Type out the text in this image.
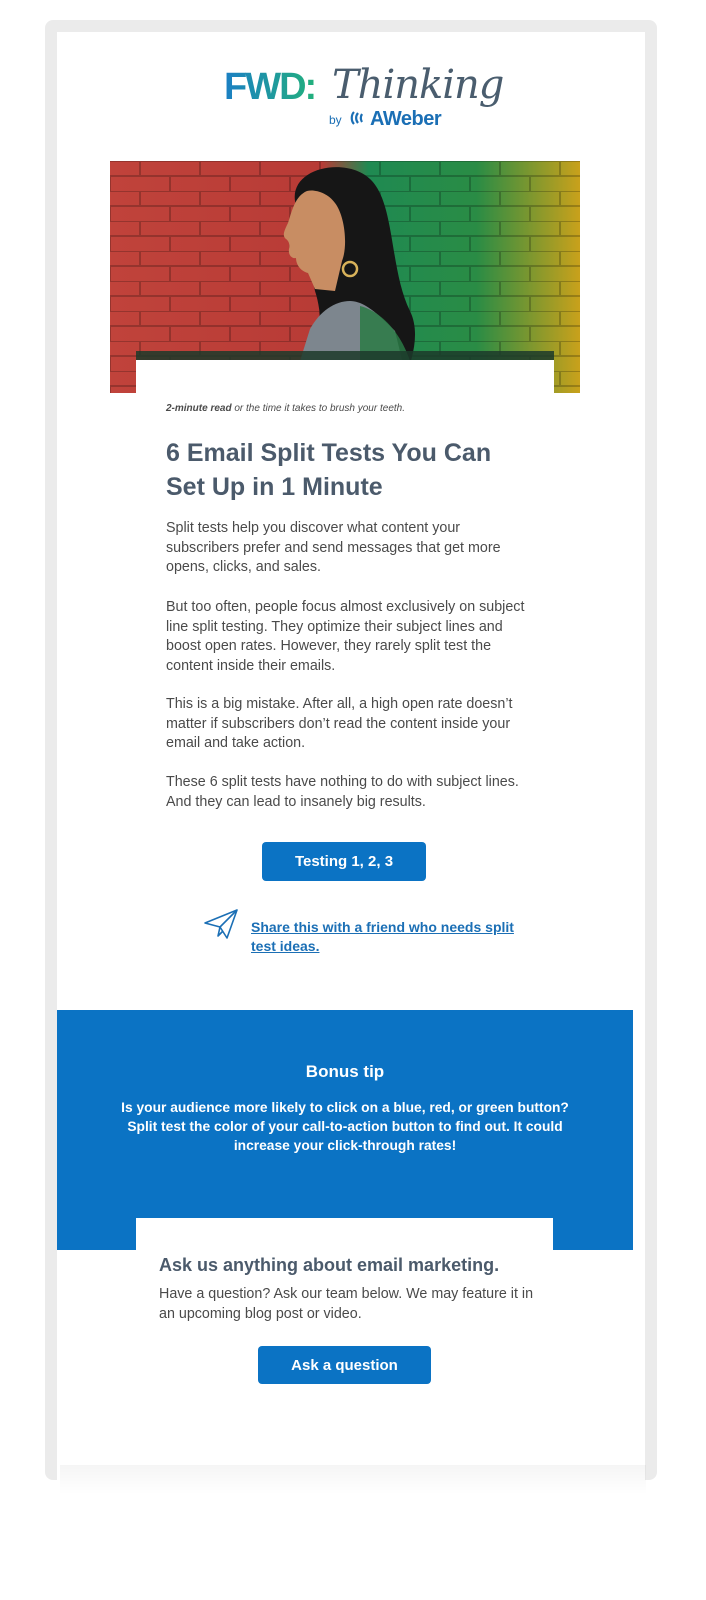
FWD: Thinking
by AWeber
2-minute read or the time it takes to brush your teeth.
6 Email Split Tests You Can Set Up in 1 Minute

Split tests help you discover what content your subscribers prefer and send messages that get more opens, clicks, and sales.

But too often, people focus almost exclusively on subject line split testing. They optimize their subject lines and boost open rates. However, they rarely split test the content inside their emails.

This is a big mistake. After all, a high open rate doesn’t matter if subscribers don’t read the content inside your email and take action.

These 6 split tests have nothing to do with subject lines. And they can lead to insanely big results.

Testing 1, 2, 3
Share this with a friend who needs split test ideas.
Bonus tip
Is your audience more likely to click on a blue, red, or green button? Split test the color of your call-to-action button to find out. It could increase your click-through rates!
Ask us anything about email marketing.
Have a question? Ask our team below. We may feature it in an upcoming blog post or video.
Ask a question
